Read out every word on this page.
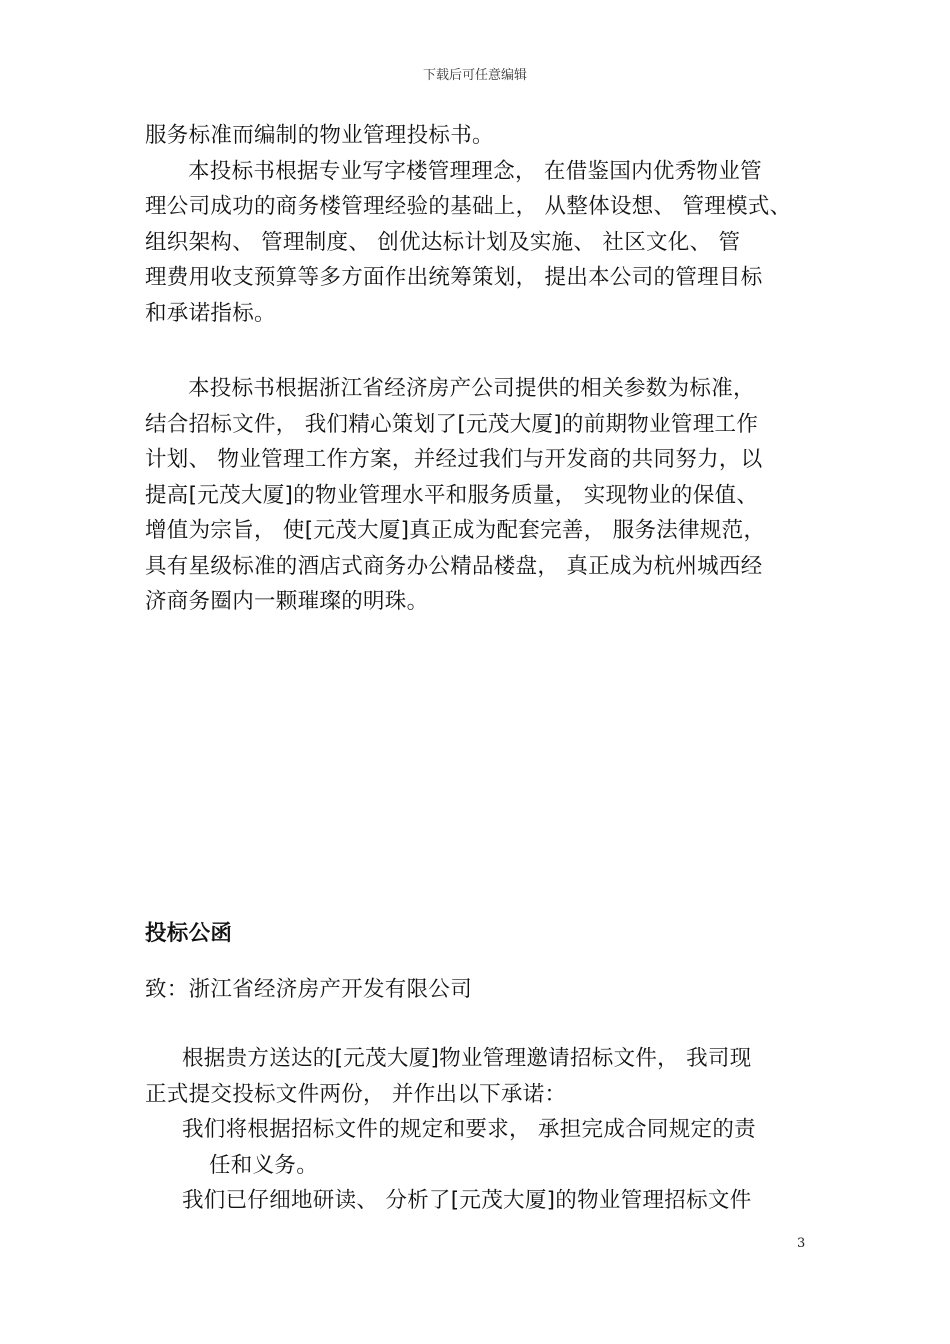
下载后可任意编辑
服务标准而编制的物业管理投标书。
本投标书根据专业写字楼管理理念， 在借鉴国内优秀物业管
理公司成功的商务楼管理经验的基础上， 从整体设想、 管理模式、
组织架构、 管理制度、 创优达标计划及实施、 社区文化、 管
理费用收支预算等多方面作出统筹策划， 提出本公司的管理目标
和承诺指标。
本投标书根据浙江省经济房产公司提供的相关参数为标准，
结合招标文件， 我们精心策划了[元茂大厦]的前期物业管理工作
计划、 物业管理工作方案，并经过我们与开发商的共同努力，以
提高[元茂大厦]的物业管理水平和服务质量， 实现物业的保值、
增值为宗旨， 使[元茂大厦]真正成为配套完善， 服务法律规范，
具有星级标准的酒店式商务办公精品楼盘， 真正成为杭州城西经
济商务圈内一颗璀璨的明珠。
投标公函
致：浙江省经济房产开发有限公司
根据贵方送达的[元茂大厦]物业管理邀请招标文件， 我司现
正式提交投标文件两份， 并作出以下承诺：
我们将根据招标文件的规定和要求， 承担完成合同规定的责
任和义务。
我们已仔细地研读、 分析了[元茂大厦]的物业管理招标文件
3
